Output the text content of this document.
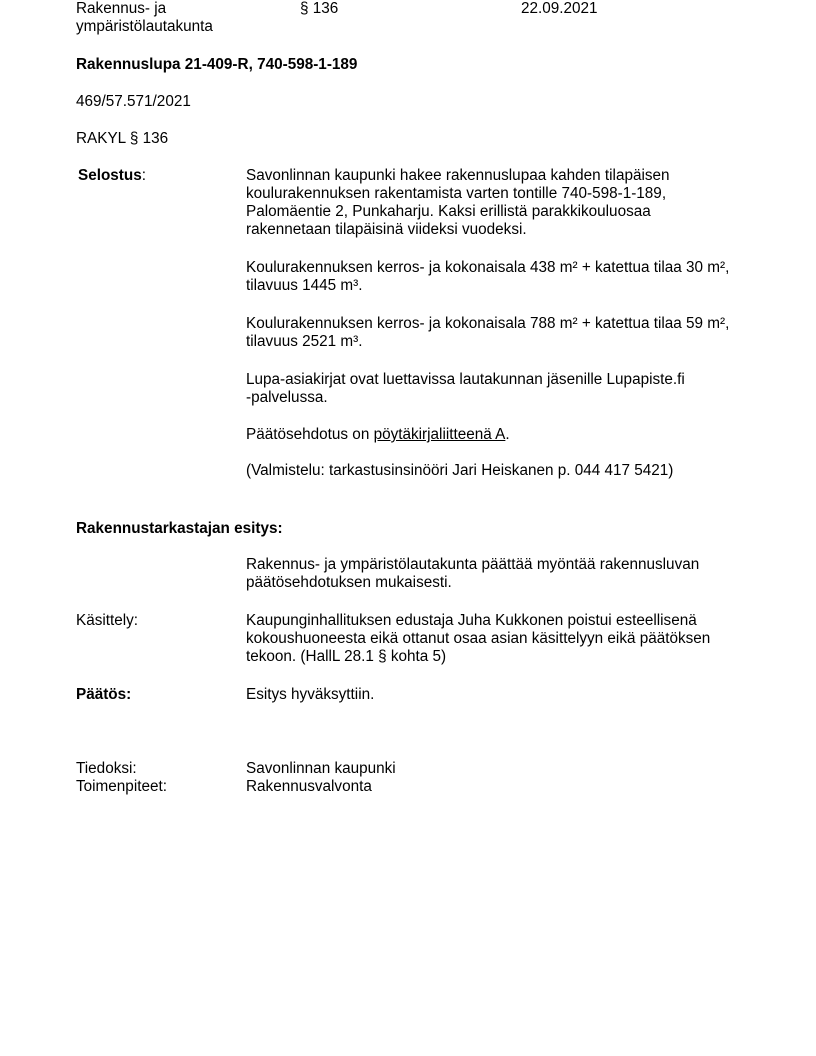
Rakennus- ja
ympäristölautakunta
§ 136	22.09.2021
Rakennuslupa 21-409-R, 740-598-1-189
469/57.571/2021
RAKYL § 136
Selostus:	Savonlinnan kaupunki hakee rakennuslupaa kahden tilapäisen koulurakennuksen rakentamista varten tontille 740-598-1-189, Palomäentie 2, Punkaharju. Kaksi erillistä parakkikouluosaa rakennetaan tilapäisinä viideksi vuodeksi.

Koulurakennuksen kerros- ja kokonaisala 438 m² + katettua tilaa 30 m², tilavuus 1445 m³.

Koulurakennuksen kerros- ja kokonaisala 788 m² + katettua tilaa 59 m², tilavuus 2521 m³.

Lupa-asiakirjat ovat luettavissa lautakunnan jäsenille Lupapiste.fi
-palvelussa.
Päätösehdotus on pöytäkirjaliitteenä A.
(Valmistelu: tarkastusinsinööri Jari Heiskanen p. 044 417 5421)
Rakennustarkastajan esitys:

Rakennus- ja ympäristölautakunta päättää myöntää rakennusluvan päätösehdotuksen mukaisesti.

Käsittely:	Kaupunginhallituksen edustaja Juha Kukkonen poistui esteellisenä kokoushuoneesta eikä ottanut osaa asian käsittelyyn eikä päätöksen tekoon. (HallL 28.1 § kohta 5)

Päätös:	Esitys hyväksyttiin.
Tiedoksi:	Savonlinnan kaupunki
Toimenpiteet:	Rakennusvalvonta
